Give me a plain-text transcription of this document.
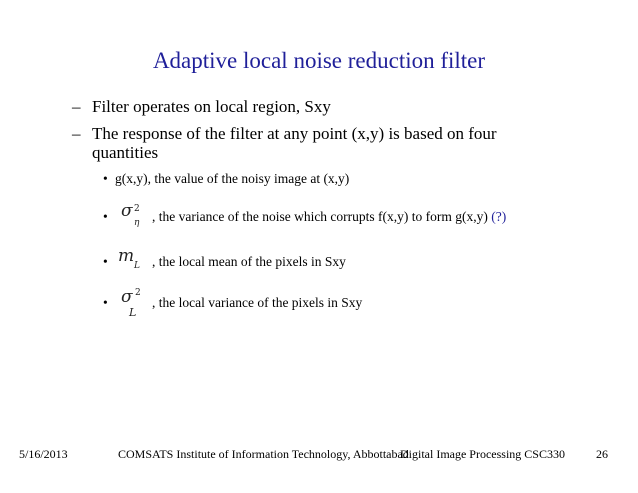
Adaptive local noise reduction filter
– Filter operates on local region, Sxy
– The response of the filter at any point (x,y) is based on four
quantities
• g(x,y), the value of the noisy image at (x,y)
• σ 2
η , the variance of the noise which corrupts f(x,y) to form g(x,y) (?)
• m L , the local mean of the pixels in Sxy
• σ 2
L
, the local variance of the pixels in Sxy
5/16/2013	COMSATS Institute of Information Technology, Abbottabad
Digital Image Processing CSC330	26
